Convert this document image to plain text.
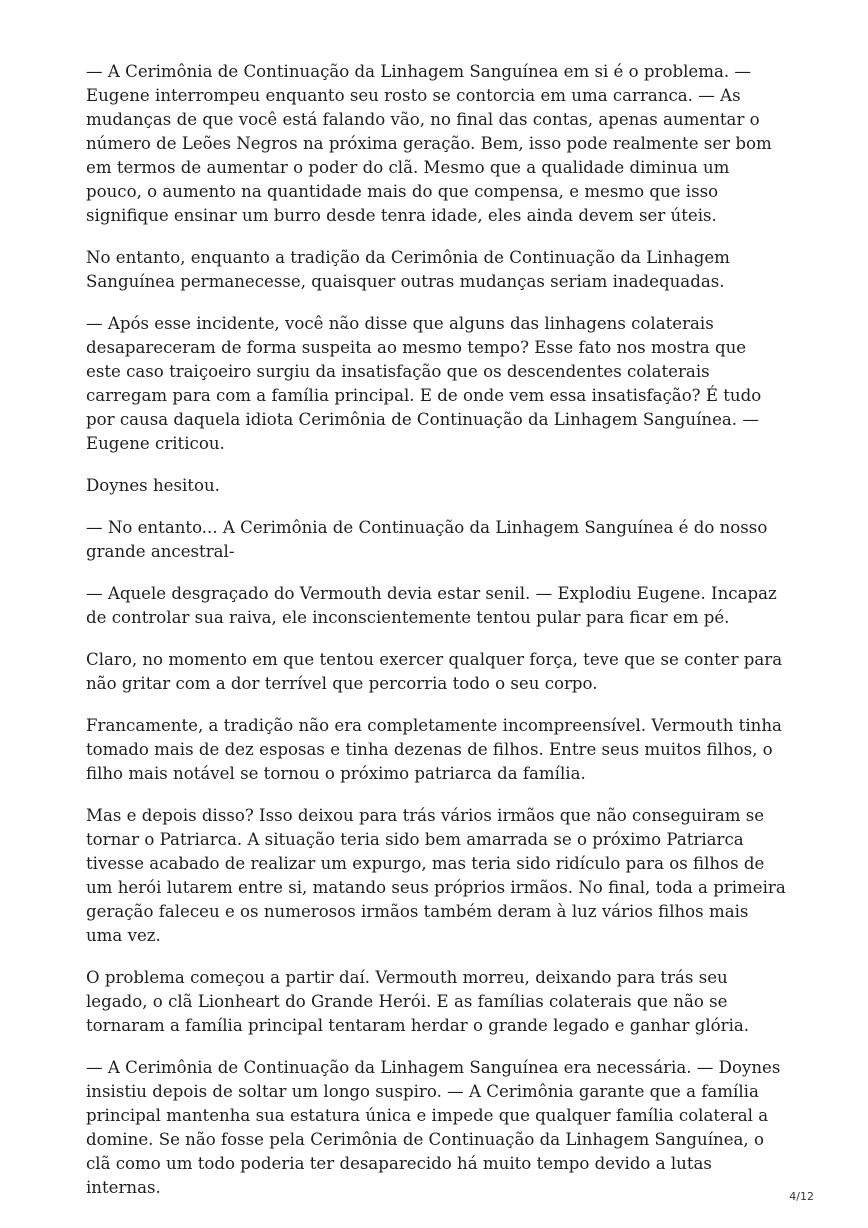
— A Cerimônia de Continuação da Linhagem Sanguínea em si é o problema. — Eugene interrompeu enquanto seu rosto se contorcia em uma carranca. — As mudanças de que você está falando vão, no final das contas, apenas aumentar o número de Leões Negros na próxima geração. Bem, isso pode realmente ser bom em termos de aumentar o poder do clã. Mesmo que a qualidade diminua um pouco, o aumento na quantidade mais do que compensa, e mesmo que isso signifique ensinar um burro desde tenra idade, eles ainda devem ser úteis.

No entanto, enquanto a tradição da Cerimônia de Continuação da Linhagem Sanguínea permanecesse, quaisquer outras mudanças seriam inadequadas.

— Após esse incidente, você não disse que alguns das linhagens colaterais desapareceram de forma suspeita ao mesmo tempo? Esse fato nos mostra que este caso traiçoeiro surgiu da insatisfação que os descendentes colaterais carregam para com a família principal. E de onde vem essa insatisfação? É tudo por causa daquela idiota Cerimônia de Continuação da Linhagem Sanguínea. — Eugene criticou.

Doynes hesitou.

— No entanto... A Cerimônia de Continuação da Linhagem Sanguínea é do nosso grande ancestral-

— Aquele desgraçado do Vermouth devia estar senil. — Explodiu Eugene. Incapaz de controlar sua raiva, ele inconscientemente tentou pular para ficar em pé.

Claro, no momento em que tentou exercer qualquer força, teve que se conter para não gritar com a dor terrível que percorria todo o seu corpo.

Francamente, a tradição não era completamente incompreensível. Vermouth tinha tomado mais de dez esposas e tinha dezenas de filhos. Entre seus muitos filhos, o filho mais notável se tornou o próximo patriarca da família.

Mas e depois disso? Isso deixou para trás vários irmãos que não conseguiram se tornar o Patriarca. A situação teria sido bem amarrada se o próximo Patriarca tivesse acabado de realizar um expurgo, mas teria sido ridículo para os filhos de um herói lutarem entre si, matando seus próprios irmãos. No final, toda a primeira geração faleceu e os numerosos irmãos também deram à luz vários filhos mais uma vez.

O problema começou a partir daí. Vermouth morreu, deixando para trás seu legado, o clã Lionheart do Grande Herói. E as famílias colaterais que não se tornaram a família principal tentaram herdar o grande legado e ganhar glória.

— A Cerimônia de Continuação da Linhagem Sanguínea era necessária. — Doynes insistiu depois de soltar um longo suspiro. — A Cerimônia garante que a família principal mantenha sua estatura única e impede que qualquer família colateral a domine. Se não fosse pela Cerimônia de Continuação da Linhagem Sanguínea, o clã como um todo poderia ter desaparecido há muito tempo devido a lutas internas.	4/12
